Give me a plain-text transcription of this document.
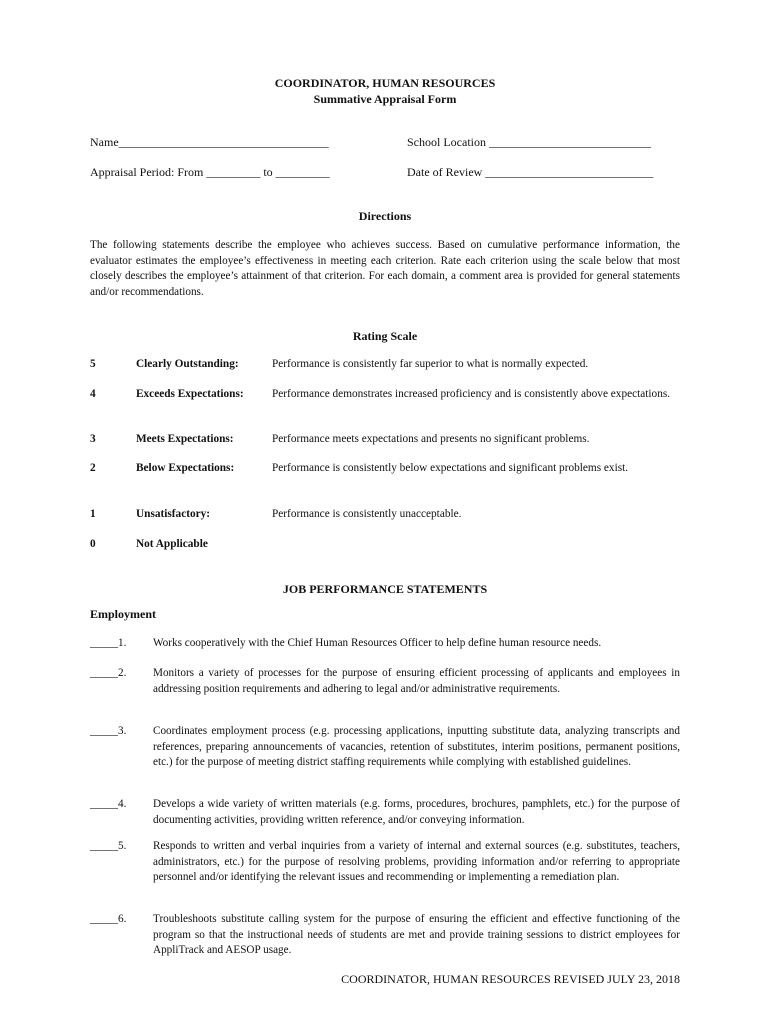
COORDINATOR, HUMAN RESOURCES
Summative Appraisal Form
Name___________________________________	School Location ___________________________
Appraisal Period: From _________ to _________	Date of Review ____________________________
Directions
The following statements describe the employee who achieves success. Based on cumulative performance information, the evaluator estimates the employee’s effectiveness in meeting each criterion. Rate each criterion using the scale below that most closely describes the employee’s attainment of that criterion. For each domain, a comment area is provided for general statements and/or recommendations.
Rating Scale
5	Clearly Outstanding:	Performance is consistently far superior to what is normally expected.
4	Exceeds Expectations:	Performance demonstrates increased proficiency and is consistently above expectations.
3	Meets Expectations:	Performance meets expectations and presents no significant problems.
2	Below Expectations:	Performance is consistently below expectations and significant problems exist.
1	Unsatisfactory:	Performance is consistently unacceptable.
0	Not Applicable
JOB PERFORMANCE STATEMENTS
Employment
_____1. Works cooperatively with the Chief Human Resources Officer to help define human resource needs.
_____2. Monitors a variety of processes for the purpose of ensuring efficient processing of applicants and employees in addressing position requirements and adhering to legal and/or administrative requirements.
_____3. Coordinates employment process (e.g. processing applications, inputting substitute data, analyzing transcripts and references, preparing announcements of vacancies, retention of substitutes, interim positions, permanent positions, etc.) for the purpose of meeting district staffing requirements while complying with established guidelines.
_____4. Develops a wide variety of written materials (e.g. forms, procedures, brochures, pamphlets, etc.) for the purpose of documenting activities, providing written reference, and/or conveying information.
_____5. Responds to written and verbal inquiries from a variety of internal and external sources (e.g. substitutes, teachers, administrators, etc.) for the purpose of resolving problems, providing information and/or referring to appropriate personnel and/or identifying the relevant issues and recommending or implementing a remediation plan.
_____6. Troubleshoots substitute calling system for the purpose of ensuring the efficient and effective functioning of the program so that the instructional needs of students are met and provide training sessions to district employees for AppliTrack and AESOP usage.
COORDINATOR, HUMAN RESOURCES REVISED JULY 23, 2018
